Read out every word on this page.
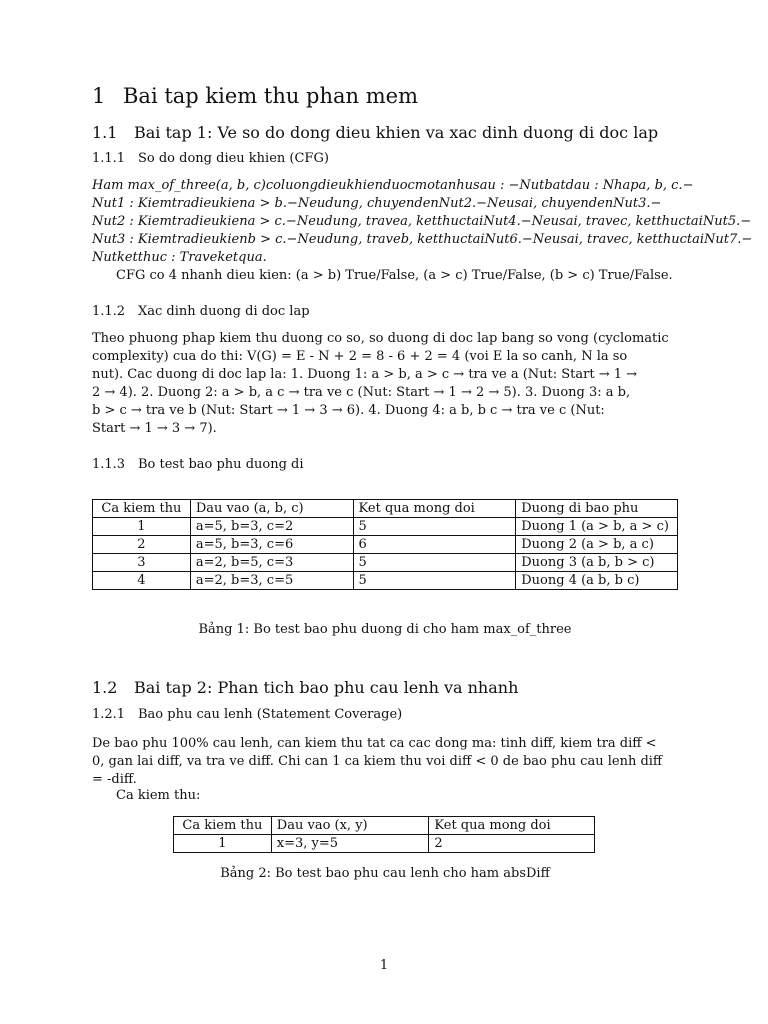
1 Bai tap kiem thu phan mem
1.1 Bai tap 1: Ve so do dong dieu khien va xac dinh duong di doc lap
1.1.1 So do dong dieu khien (CFG)
Ham max_of_three(a, b, c)coluongdieukhienduocmotanhusau : −Nutbatdau : Nhapa, b, c.−
Nut1 : Kiemtradieukiena > b.−Neudung, chuyendenNut2.−Neusai, chuyendenNut3.−
Nut2 : Kiemtradieukiena > c.−Neudung, travea, ketthuctaiNut4.−Neusai, travec, ketthuctaiNut5.−
Nut3 : Kiemtradieukienb > c.−Neudung, traveb, ketthuctaiNut6.−Neusai, travec, ketthuctaiNut7.−
Nutketthuc : Traveketqua.
CFG co 4 nhanh dieu kien: (a > b) True/False, (a > c) True/False, (b > c) True/False.
1.1.2 Xac dinh duong di doc lap
Theo phuong phap kiem thu duong co so, so duong di doc lap bang so vong (cyclomatic
complexity) cua do thi: V(G) = E - N + 2 = 8 - 6 + 2 = 4 (voi E la so canh, N la so
nut). Cac duong di doc lap la: 1. Duong 1: a > b, a > c → tra ve a (Nut: Start → 1 →
2 → 4). 2. Duong 2: a > b, a c → tra ve c (Nut: Start → 1 → 2 → 5). 3. Duong 3: a b,
b > c → tra ve b (Nut: Start → 1 → 3 → 6). 4. Duong 4: a b, b c → tra ve c (Nut:
Start → 1 → 3 → 7).
1.1.3 Bo test bao phu duong di
Ca kiem thu	Dau vao (a, b, c)	Ket qua mong doi	Duong di bao phu
1	a=5, b=3, c=2	5	Duong 1 (a > b, a > c)
2	a=5, b=3, c=6	6	Duong 2 (a > b, a c)
3	a=2, b=5, c=3	5	Duong 3 (a b, b > c)
4	a=2, b=3, c=5	5	Duong 4 (a b, b c)
Bảng 1: Bo test bao phu duong di cho ham max_of_three
1.2 Bai tap 2: Phan tich bao phu cau lenh va nhanh
1.2.1 Bao phu cau lenh (Statement Coverage)
De bao phu 100% cau lenh, can kiem thu tat ca cac dong ma: tinh diff, kiem tra diff <
0, gan lai diff, va tra ve diff. Chi can 1 ca kiem thu voi diff < 0 de bao phu cau lenh diff
= -diff.
Ca kiem thu:
Ca kiem thu	Dau vao (x, y)	Ket qua mong doi
1	x=3, y=5	2
Bảng 2: Bo test bao phu cau lenh cho ham absDiff
1
